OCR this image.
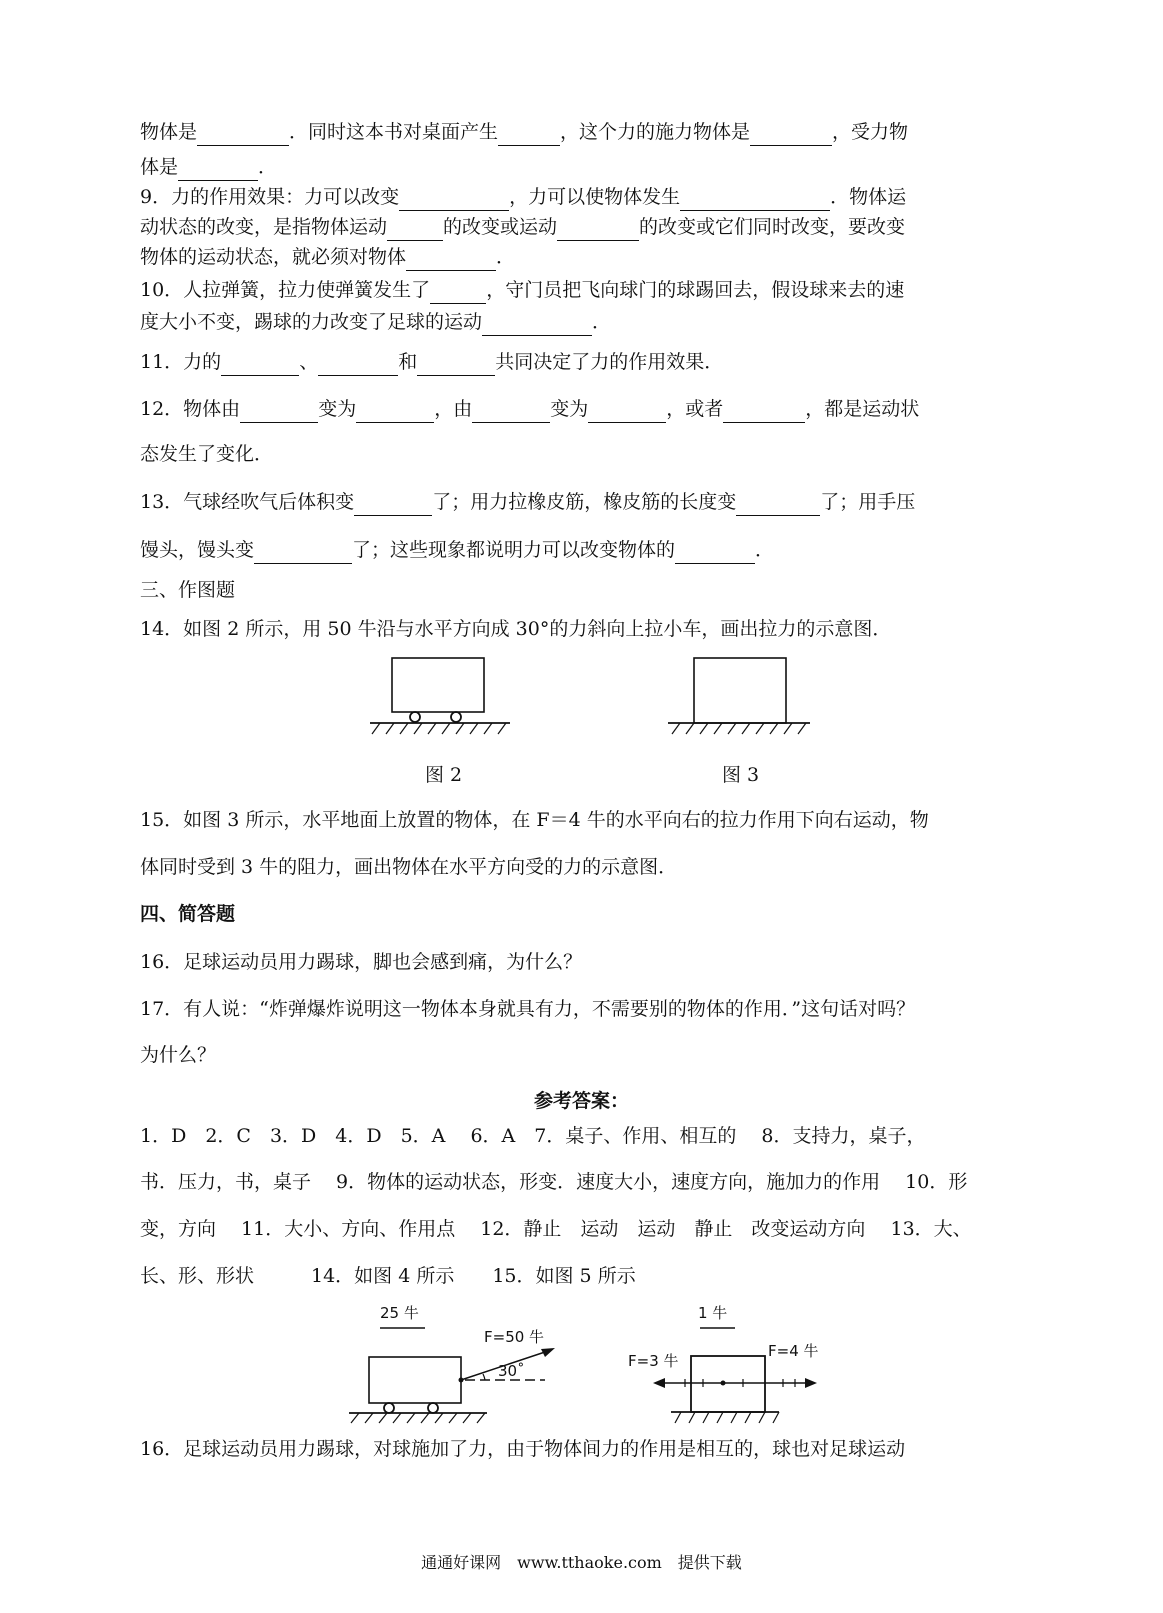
物体是	．同时这本书对桌面产生	，这个力的施力物体是	，受力物
体是	．
9．力的作用效果：力可以改变	，力可以使物体发生	．物体运
动状态的改变，是指物体运动	的改变或运动	的改变或它们同时改变，要改变
物体的运动状态，就必须对物体	．
10．人拉弹簧，拉力使弹簧发生了	，守门员把飞向球门的球踢回去，假设球来去的速
度大小不变，踢球的力改变了足球的运动	．
11．力的	、	和	共同决定了力的作用效果．
12．物体由	变为	，由	变为	，或者	，都是运动状
态发生了变化．
13．气球经吹气后体积变	了；用力拉橡皮筋，橡皮筋的长度变	了；用手压
馒头，馒头变	了；这些现象都说明力可以改变物体的	．
三、作图题
14．如图 2 所示，用 50 牛沿与水平方向成 30°的力斜向上拉小车，画出拉力的示意图．
15．如图 3 所示，水平地面上放置的物体，在 F＝4 牛的水平向右的拉力作用下向右运动，物
体同时受到 3 牛的阻力，画出物体在水平方向受的力的示意图．
16．足球运动员用力踢球，脚也会感到痛，为什么？
17．有人说：“炸弹爆炸说明这一物体本身就具有力，不需要别的物体的作用．”这句话对吗？
为什么？
1．D　2．C　3．D　4．D　5．A　 6．A　7．桌子、作用、相互的　 8．支持力，桌子，
书．压力，书，桌子　 9．物体的运动状态，形变．速度大小，速度方向，施加力的作用　 10．形
变，方向　 11．大小、方向、作用点　 12．静止　运动　运动　静止　改变运动方向　 13．大、
长、形、形状　　　14．如图 4 所示　　15．如图 5 所示
16．足球运动员用力踢球，对球施加了力，由于物体间力的作用是相互的，球也对足球运动
四、简答题
参考答案：
图 2	图 3
25 牛
F=50 牛
30˚
1 牛
F=3 牛
F=4 牛
通通好课网　www.tthaoke.com　提供下载
